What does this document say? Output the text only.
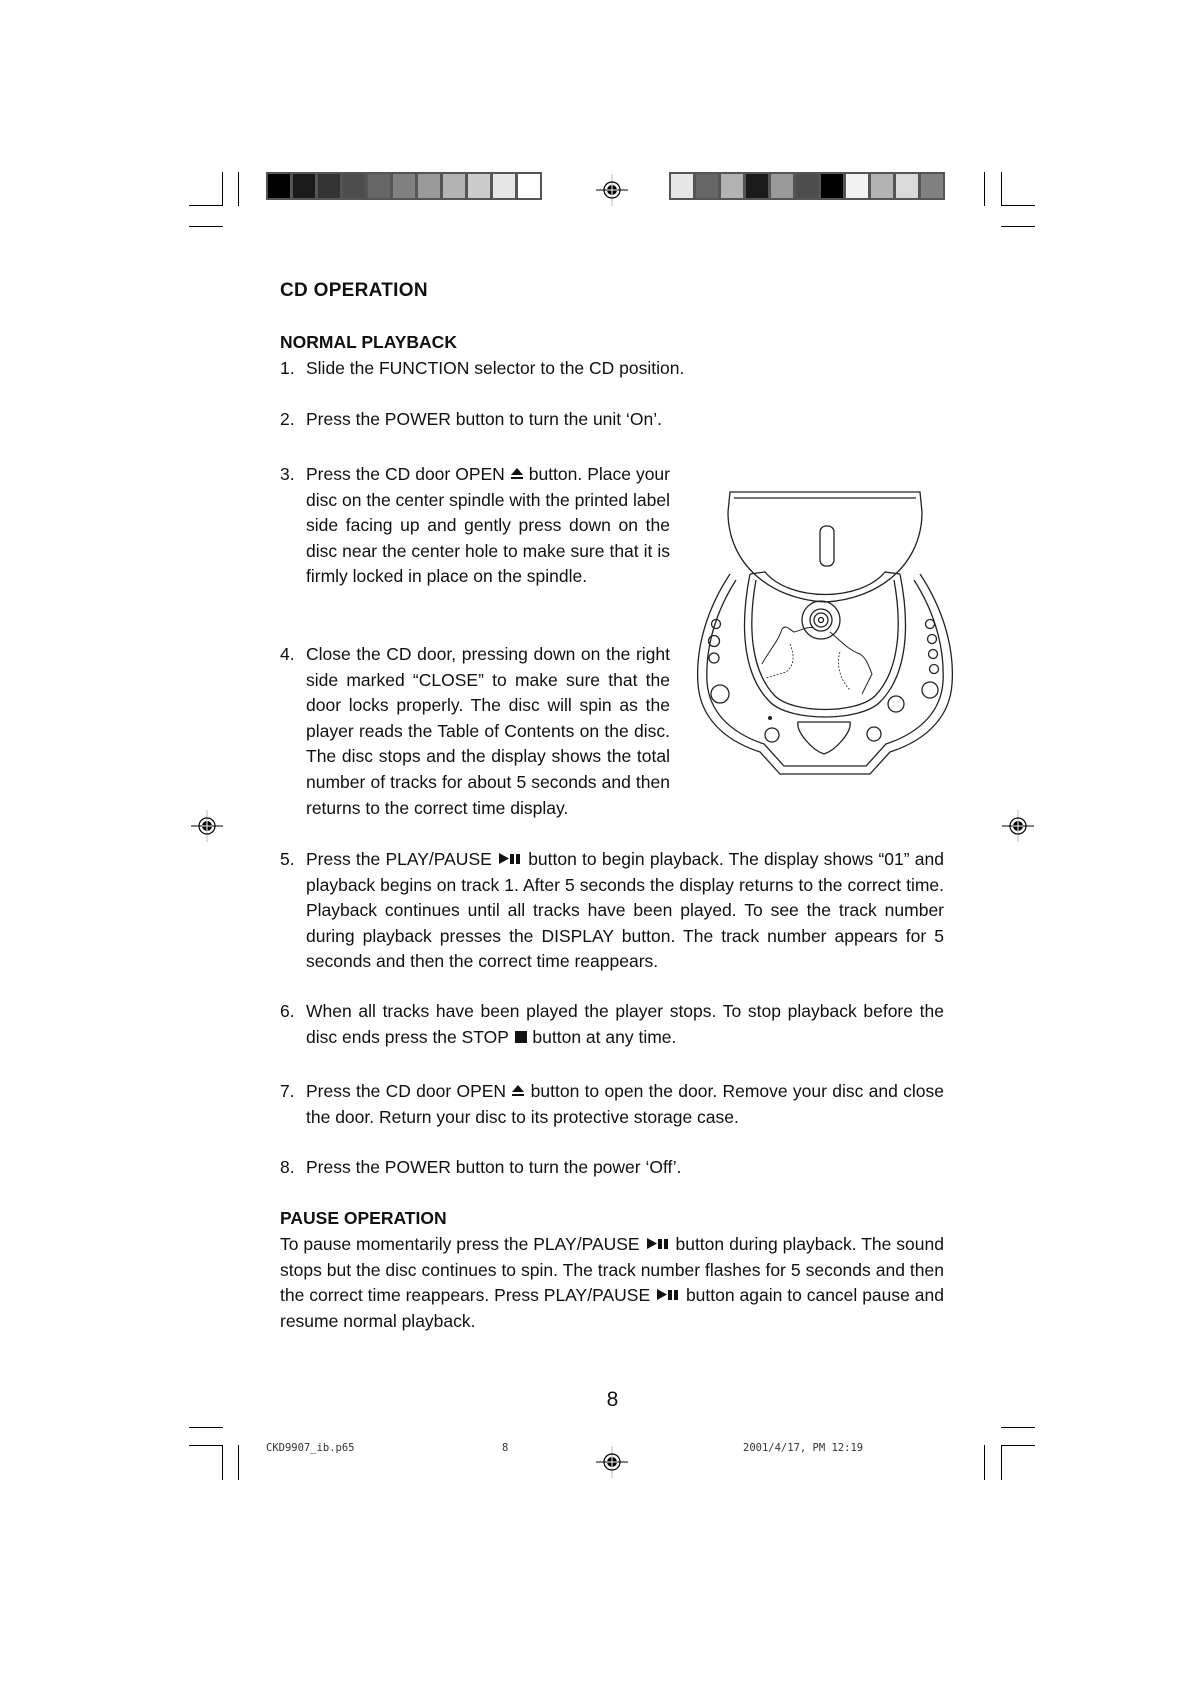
CD OPERATION
NORMAL PLAYBACK
1. Slide the FUNCTION selector to the CD position.
2. Press the POWER button to turn the unit ‘On’.
3. Press the CD door OPEN button. Place your disc on the center spindle with the printed label side facing up and gently press down on the disc near the center hole to make sure that it is firmly locked in place on the spindle.
4. Close the CD door, pressing down on the right side marked “CLOSE” to make sure that the door locks properly. The disc will spin as the player reads the Table of Contents on the disc. The disc stops and the display shows the total number of tracks for about 5 seconds and then returns to the correct time display.
5. Press the PLAY/PAUSE button to begin playback. The display shows “01” and playback begins on track 1. After 5 seconds the display returns to the correct time. Playback continues until all tracks have been played. To see the track number during playback presses the DISPLAY button. The track number appears for 5 seconds and then the correct time reappears.
6. When all tracks have been played the player stops. To stop playback before the disc ends press the STOP button at any time.
7. Press the CD door OPEN button to open the door. Remove your disc and close the door. Return your disc to its protective storage case.
8. Press the POWER button to turn the power ‘Off’.
PAUSE OPERATION
To pause momentarily press the PLAY/PAUSE button during playback. The sound stops but the disc continues to spin. The track number flashes for 5 seconds and then the correct time reappears. Press PLAY/PAUSE button again to cancel pause and resume normal playback.
8
CKD9907_ib.p65	8	2001/4/17, PM 12:19
